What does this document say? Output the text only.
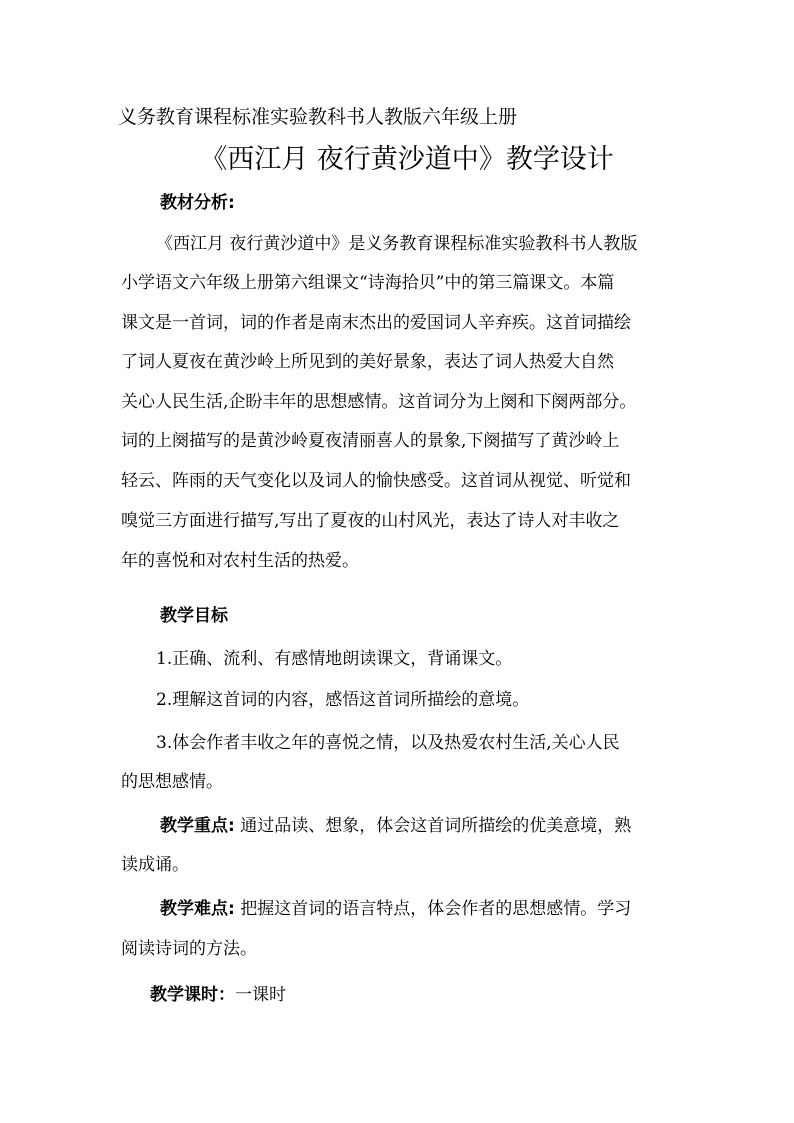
义务教育课程标准实验教科书人教版六年级上册
《西江月 夜行黄沙道中》教学设计
教材分析:
《西江月 夜行黄沙道中》是义务教育课程标准实验教科书人教版
小学语文六年级上册第六组课文“诗海拾贝”中的第三篇课文。本篇
课文是一首词，词的作者是南末杰出的爱国词人辛弃疾。这首词描绘
了词人夏夜在黄沙岭上所见到的美好景象，表达了词人热爱大自然
关心人民生活,企盼丰年的思想感情。这首词分为上阕和下阕两部分。
词的上阕描写的是黄沙岭夏夜清丽喜人的景象,下阕描写了黄沙岭上
轻云、阵雨的天气变化以及词人的愉快感受。这首词从视觉、听觉和
嗅觉三方面进行描写,写出了夏夜的山村风光，表达了诗人对丰收之
年的喜悦和对农村生活的热爱。
教学目标
1.正确、流利、有感情地朗读课文，背诵课文。
2.理解这首词的内容，感悟这首词所描绘的意境。
3.体会作者丰收之年的喜悦之情，以及热爱农村生活,关心人民
的思想感情。
教学重点: 通过品读、想象，体会这首词所描绘的优美意境，熟
读成诵。
教学难点: 把握这首词的语言特点，体会作者的思想感情。学习
阅读诗词的方法。
教学课时：一课时
